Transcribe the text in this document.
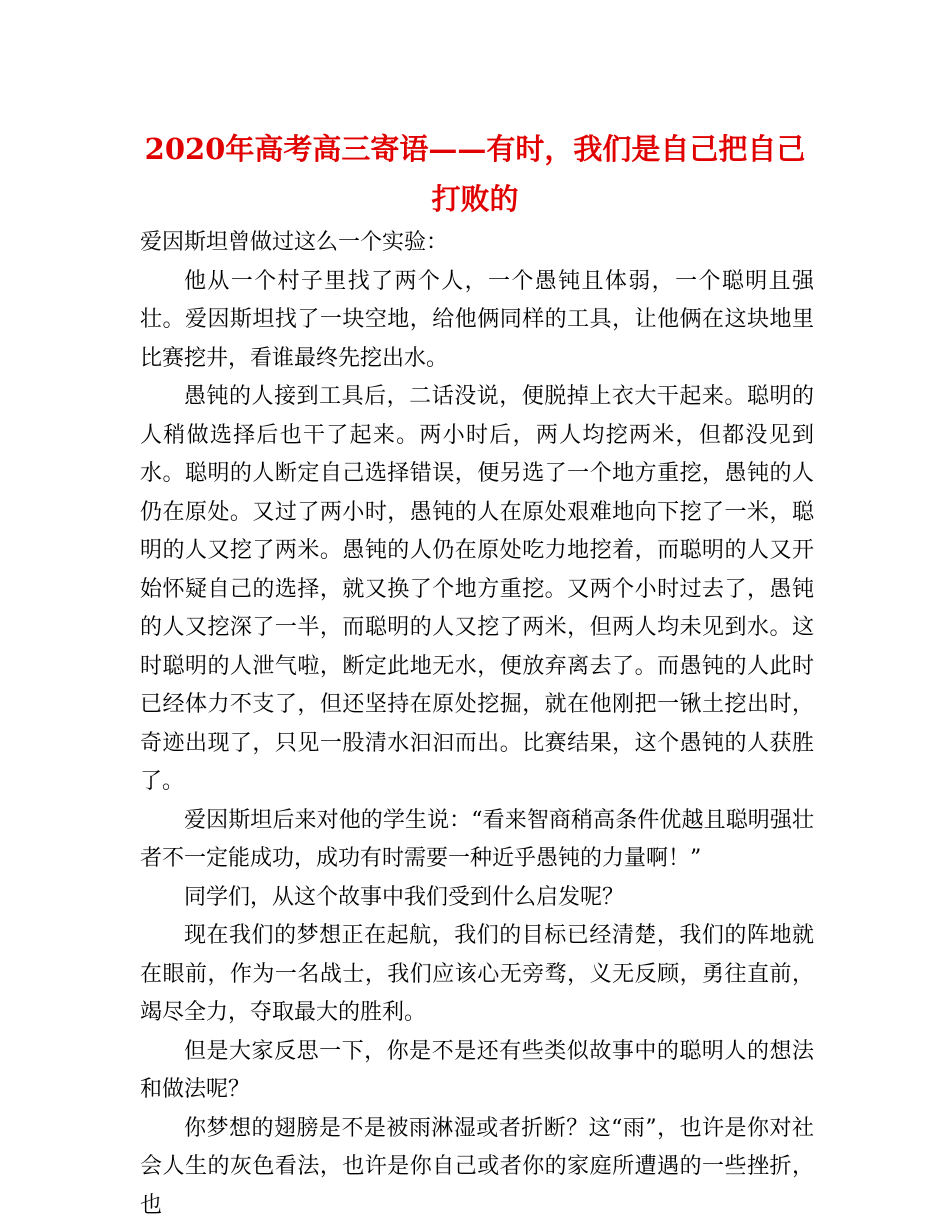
2020年高考高三寄语——有时，我们是自己把自己打败的

爱因斯坦曾做过这么一个实验：

他从一个村子里找了两个人，一个愚钝且体弱，一个聪明且强壮。爱因斯坦找了一块空地，给他俩同样的工具，让他俩在这块地里比赛挖井，看谁最终先挖出水。

愚钝的人接到工具后，二话没说，便脱掉上衣大干起来。聪明的人稍做选择后也干了起来。两小时后，两人均挖两米，但都没见到水。聪明的人断定自己选择错误，便另选了一个地方重挖，愚钝的人仍在原处。又过了两小时，愚钝的人在原处艰难地向下挖了一米，聪明的人又挖了两米。愚钝的人仍在原处吃力地挖着，而聪明的人又开始怀疑自己的选择，就又换了个地方重挖。又两个小时过去了，愚钝的人又挖深了一半，而聪明的人又挖了两米，但两人均未见到水。这时聪明的人泄气啦，断定此地无水，便放弃离去了。而愚钝的人此时已经体力不支了，但还坚持在原处挖掘，就在他刚把一锹土挖出时，奇迹出现了，只见一股清水汩汩而出。比赛结果，这个愚钝的人获胜了。

爱因斯坦后来对他的学生说：“看来智商稍高条件优越且聪明强壮者不一定能成功，成功有时需要一种近乎愚钝的力量啊！”

同学们，从这个故事中我们受到什么启发呢？

现在我们的梦想正在起航，我们的目标已经清楚，我们的阵地就在眼前，作为一名战士，我们应该心无旁骛，义无反顾，勇往直前，竭尽全力，夺取最大的胜利。

但是大家反思一下，你是不是还有些类似故事中的聪明人的想法和做法呢？

你梦想的翅膀是不是被雨淋湿或者折断？这“雨”，也许是你对社会人生的灰色看法，也许是你自己或者你的家庭所遭遇的一些挫折，也
